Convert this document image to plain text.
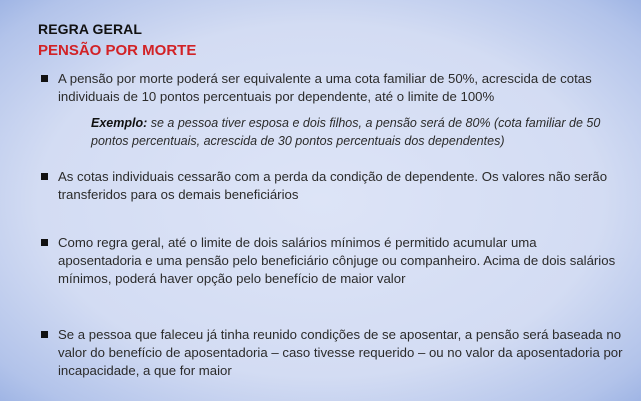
REGRA GERAL
PENSÃO POR MORTE
A pensão por morte poderá ser equivalente a uma cota familiar de 50%, acrescida de cotas individuais de 10 pontos percentuais por dependente, até o limite de 100%
Exemplo: se a pessoa tiver esposa e dois filhos, a pensão será de 80% (cota familiar de 50 pontos percentuais, acrescida de 30 pontos percentuais dos dependentes)
As cotas individuais cessarão com a perda da condição de dependente. Os valores não serão transferidos para os demais beneficiários
Como regra geral, até o limite de dois salários mínimos é permitido acumular uma aposentadoria e uma pensão pelo beneficiário cônjuge ou companheiro. Acima de dois salários mínimos, poderá haver opção pelo benefício de maior valor
Se a pessoa que faleceu já tinha reunido condições de se aposentar, a pensão será baseada no valor do benefício de aposentadoria – caso tivesse requerido – ou no valor da aposentadoria por incapacidade, a que for maior
